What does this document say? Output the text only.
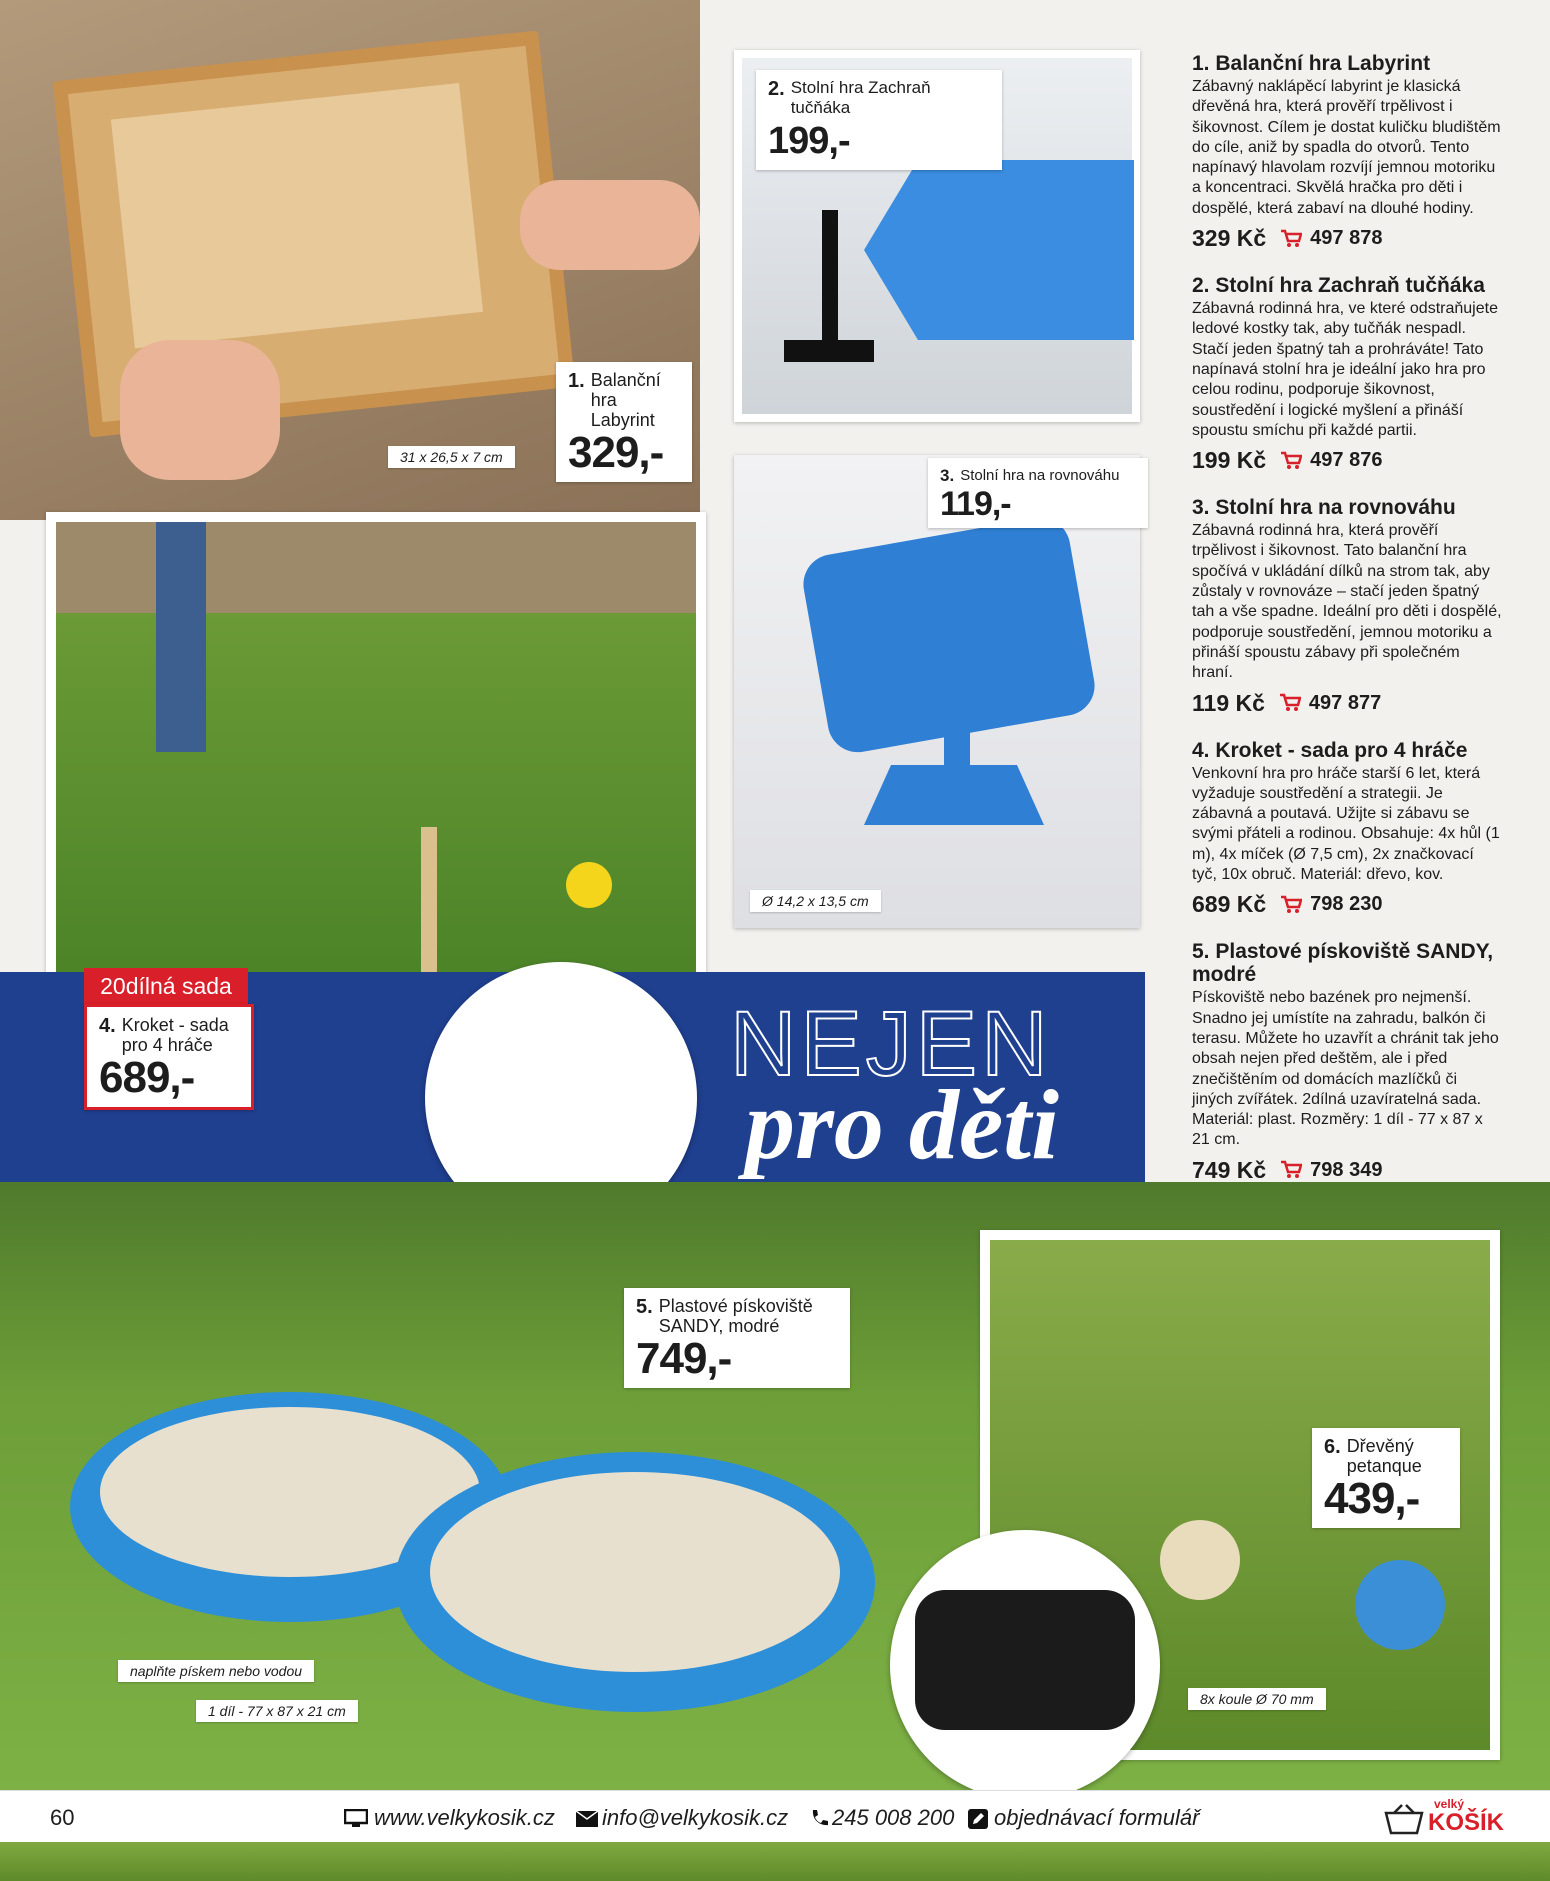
NEJEN
pro děti
1. Balanční hra Labyrint
329,-
31 x 26,5 x 7 cm
2. Stolní hra Zachraň tučňáka
199,-
3. Stolní hra na rovnováhu
119,-
Ø 14,2 x 13,5 cm
20dílná sada
4. Kroket - sada pro 4 hráče
689,-
5. Plastové pískoviště SANDY, modré
749,-
naplňte pískem nebo vodou
1 díl - 77 x 87 x 21 cm
6. Dřevěný petanque
439,-
8x koule Ø 70 mm
1. Balanční hra Labyrint

Zábavný naklápěcí labyrint je klasická dřevěná hra, která prověří trpělivost i šikovnost. Cílem je dostat kuličku bludištěm do cíle, aniž by spadla do otvorů. Tento napínavý hlavolam rozvíjí jemnou motoriku a koncentraci. Skvělá hračka pro děti i dospělé, která zabaví na dlouhé hodiny.

329 Kč 497 878
2. Stolní hra Zachraň tučňáka

Zábavná rodinná hra, ve které odstraňujete ledové kostky tak, aby tučňák nespadl. Stačí jeden špatný tah a prohráváte! Tato napínavá stolní hra je ideální jako hra pro celou rodinu, podporuje šikovnost, soustředění i logické myšlení a přináší spoustu smíchu při každé partii.

199 Kč 497 876
3. Stolní hra na rovnováhu

Zábavná rodinná hra, která prověří trpělivost i šikovnost. Tato balanční hra spočívá v ukládání dílků na strom tak, aby zůstaly v rovnováze – stačí jeden špatný tah a vše spadne. Ideální pro děti i dospělé, podporuje soustředění, jemnou motoriku a přináší spoustu zábavy při společném hraní.

119 Kč 497 877
4. Kroket - sada pro 4 hráče

Venkovní hra pro hráče starší 6 let, která vyžaduje soustředění a strategii. Je zábavná a poutavá. Užijte si zábavu se svými přáteli a rodinou. Obsahuje: 4x hůl (1 m), 4x míček (Ø 7,5 cm), 2x značkovací tyč, 10x obruč. Materiál: dřevo, kov.

689 Kč 798 230
5. Plastové pískoviště SANDY, modré

Pískoviště nebo bazének pro nejmenší. Snadno jej umístíte na zahradu, balkón či terasu. Můžete ho uzavřít a chránit tak jeho obsah nejen před deštěm, ale i před znečištěním od domácích mazlíčků či jiných zvířátek. 2dílná uzavíratelná sada. Materiál: plast. Rozměry: 1 díl - 77 x 87 x 21 cm.

749 Kč 798 349
60	www.velkykosik.cz info@velkykosik.cz 245 008 200 objednávací formulář
velký
KOŠÍK
